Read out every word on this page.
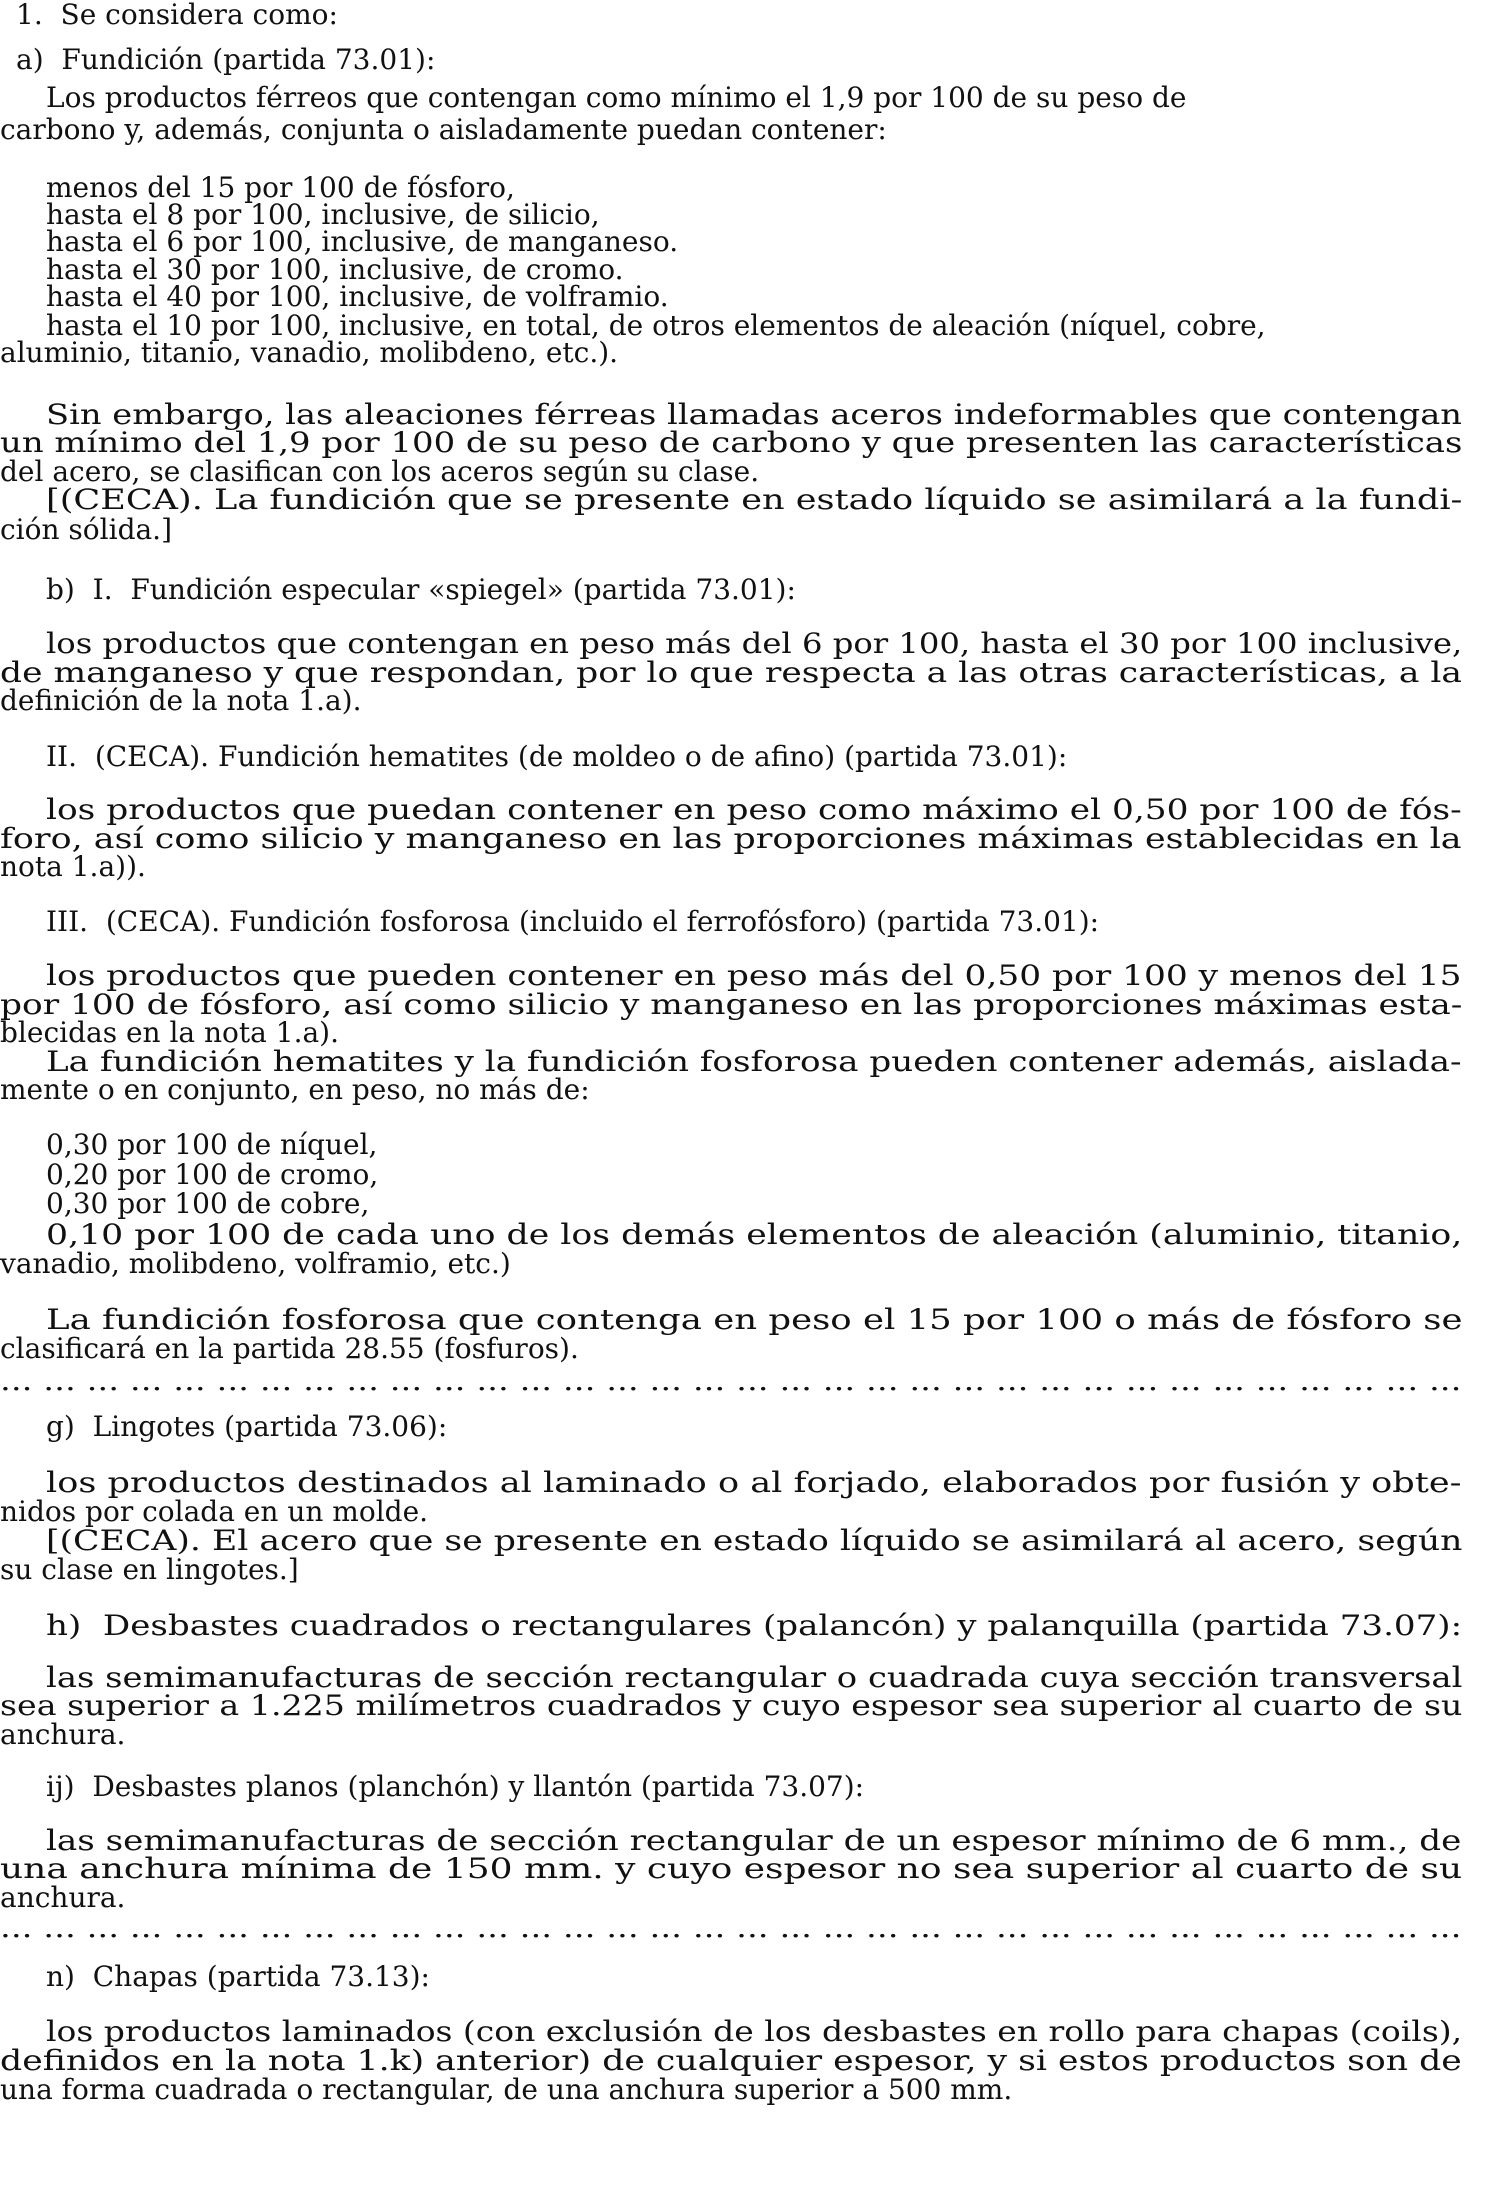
1.  Se considera como:
a)  Fundición (partida 73.01):
Los productos férreos que contengan como mínimo el 1,9 por 100 de su peso de
carbono y, además, conjunta o aisladamente puedan contener:
menos del 15 por 100 de fósforo,
hasta el 8 por 100, inclusive, de silicio,
hasta el 6 por 100, inclusive, de manganeso.
hasta el 30 por 100, inclusive, de cromo.
hasta el 40 por 100, inclusive, de volframio.
hasta el 10 por 100, inclusive, en total, de otros elementos de aleación (níquel, cobre,
aluminio, titanio, vanadio, molibdeno, etc.).
Sin embargo, las aleaciones férreas llamadas aceros indeformables que contengan
un mínimo del 1,9 por 100 de su peso de carbono y que presenten las características
del acero, se clasifican con los aceros según su clase.
[(CECA). La fundición que se presente en estado líquido se asimilará a la fundi-
ción sólida.]
b)  I.  Fundición especular «spiegel» (partida 73.01):
los productos que contengan en peso más del 6 por 100, hasta el 30 por 100 inclusive,
de manganeso y que respondan, por lo que respecta a las otras características, a la
definición de la nota 1.a).
II.  (CECA). Fundición hematites (de moldeo o de afino) (partida 73.01):
los productos que puedan contener en peso como máximo el 0,50 por 100 de fós-
foro, así como silicio y manganeso en las proporciones máximas establecidas en la
nota 1.a)).
III.  (CECA). Fundición fosforosa (incluido el ferrofósforo) (partida 73.01):
los productos que pueden contener en peso más del 0,50 por 100 y menos del 15
por 100 de fósforo, así como silicio y manganeso en las proporciones máximas esta-
blecidas en la nota 1.a).
La fundición hematites y la fundición fosforosa pueden contener además, aislada-
mente o en conjunto, en peso, no más de:
0,30 por 100 de níquel,
0,20 por 100 de cromo,
0,30 por 100 de cobre,
0,10 por 100 de cada uno de los demás elementos de aleación (aluminio, titanio,
vanadio, molibdeno, volframio, etc.)
La fundición fosforosa que contenga en peso el 15 por 100 o más de fósforo se
clasificará en la partida 28.55 (fosfuros).
... ... ... ... ... ... ... ... ... ... ... ... ... ... ... ... ... ... ... ... ... ... ... ... ... ... ... ... ... ... ... ... ... ...
g)  Lingotes (partida 73.06):
los productos destinados al laminado o al forjado, elaborados por fusión y obte-
nidos por colada en un molde.
[(CECA). El acero que se presente en estado líquido se asimilará al acero, según
su clase en lingotes.]
h)  Desbastes cuadrados o rectangulares (palancón) y palanquilla (partida 73.07):
las semimanufacturas de sección rectangular o cuadrada cuya sección transversal
sea superior a 1.225 milímetros cuadrados y cuyo espesor sea superior al cuarto de su
anchura.
ij)  Desbastes planos (planchón) y llantón (partida 73.07):
las semimanufacturas de sección rectangular de un espesor mínimo de 6 mm., de
una anchura mínima de 150 mm. y cuyo espesor no sea superior al cuarto de su
anchura.
... ... ... ... ... ... ... ... ... ... ... ... ... ... ... ... ... ... ... ... ... ... ... ... ... ... ... ... ... ... ... ... ... ...
n)  Chapas (partida 73.13):
los productos laminados (con exclusión de los desbastes en rollo para chapas (coils),
definidos en la nota 1.k) anterior) de cualquier espesor, y si estos productos son de
una forma cuadrada o rectangular, de una anchura superior a 500 mm.
